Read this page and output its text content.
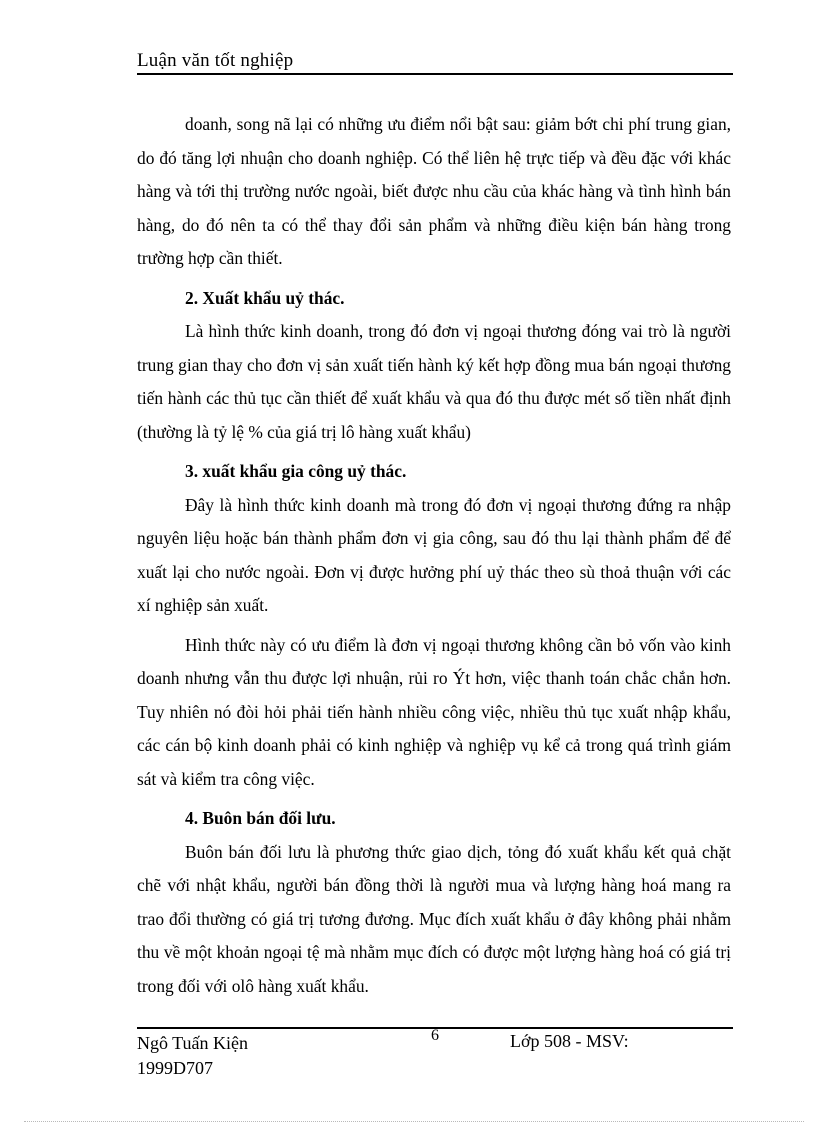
Luận văn tốt nghiệp

doanh, song nã lại có những ưu điểm nổi bật sau: giảm bớt chi phí trung gian, do đó tăng lợi nhuận cho doanh nghiệp. Có thể liên hệ trực tiếp và đều đặc với khác hàng và tới thị trường nước ngoài, biết được nhu cầu của khác hàng và tình hình bán hàng, do đó nên ta có thể thay đổi sản phẩm và những điều kiện bán hàng trong trường hợp cần thiết.

2. Xuất khẩu uỷ thác.

Là hình thức kinh doanh, trong đó đơn vị ngoại thương đóng vai trò là người trung gian thay cho đơn vị sản xuất tiến hành ký kết hợp đồng mua bán ngoại thương tiến hành các thủ tục cần thiết để xuất khẩu và qua đó thu được mét số tiền nhất định (thường là tỷ lệ % của giá trị lô hàng xuất khẩu)

3. xuất khẩu gia công uỷ thác.

Đây là hình thức kinh doanh mà trong đó đơn vị ngoại thương đứng ra nhập nguyên liệu hoặc bán thành phẩm đơn vị gia công, sau đó thu lại thành phẩm để để xuất lại cho nước ngoài. Đơn vị được hưởng phí uỷ thác theo sù thoả thuận với các xí nghiệp sản xuất.

Hình thức này có ưu điểm là đơn vị ngoại thương không cần bỏ vốn vào kinh doanh nhưng vẫn thu được lợi nhuận, rủi ro Ýt hơn, việc thanh toán chắc chắn hơn. Tuy nhiên nó đòi hỏi phải tiến hành nhiều công việc, nhiều thủ tục xuất nhập khẩu, các cán bộ kinh doanh phải có kinh nghiệp và nghiệp vụ kể cả trong quá trình giám sát và kiểm tra công việc.

4. Buôn bán đối lưu.

Buôn bán đối lưu là phương thức giao dịch, tỏng đó xuất khẩu kết quả chặt chẽ với nhật khẩu, người bán đồng thời là người mua và lượng hàng hoá mang ra trao đổi thường có giá trị tương đương. Mục đích xuất khẩu ở đây không phải nhằm thu về một khoản ngoại tệ mà nhằm mục đích có được một lượng hàng hoá có giá trị trong đối với olô hàng xuất khẩu.

Ngô Tuấn Kiện
1999D707
6	Lớp 508 - MSV:
